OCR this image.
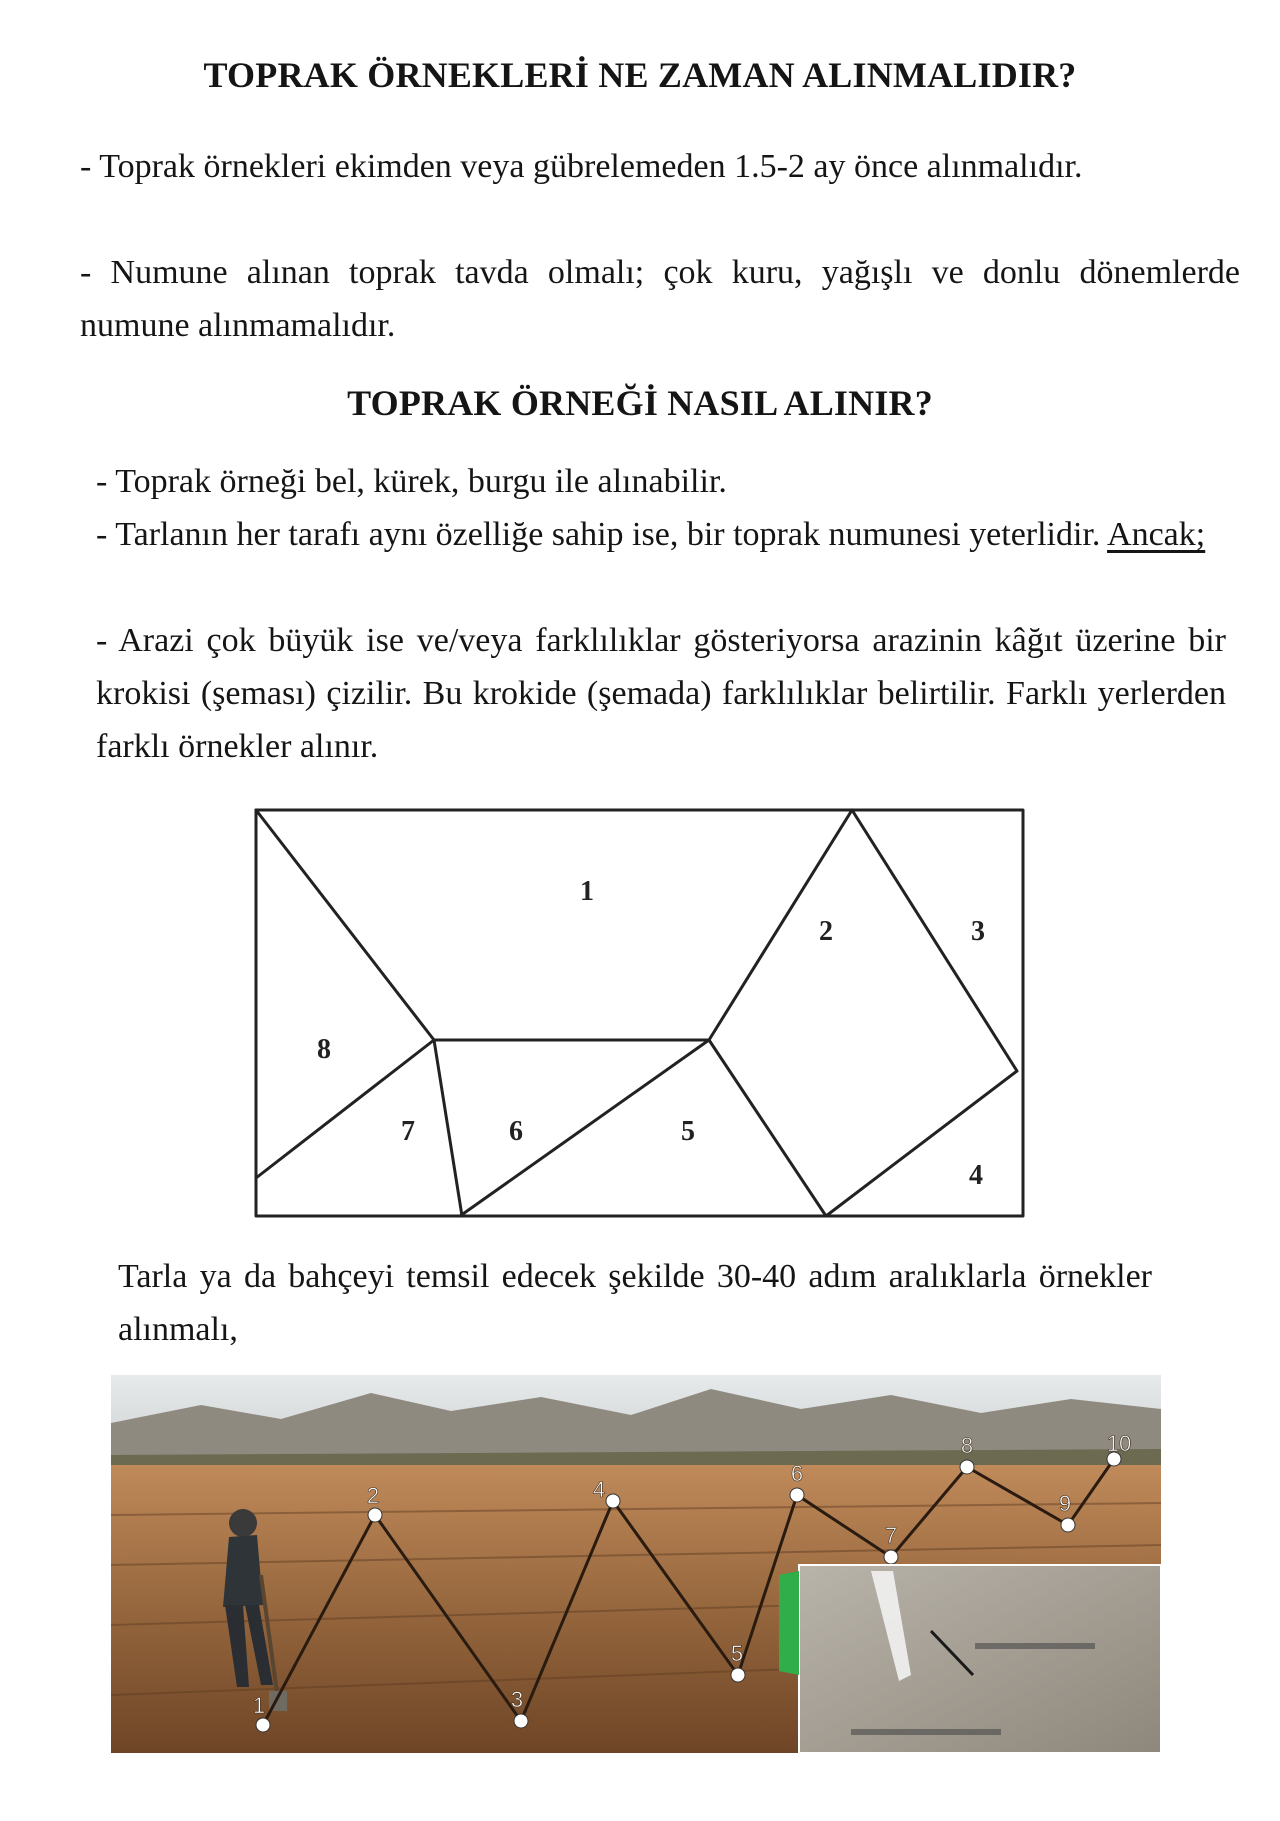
TOPRAK ÖRNEKLERİ NE ZAMAN ALINMALIDIR?

- Toprak örnekleri ekimden veya gübrelemeden 1.5-2 ay önce alınmalıdır.

- Numune alınan toprak tavda olmalı; çok kuru, yağışlı ve donlu dönemlerde numune alınmamalıdır.

TOPRAK ÖRNEĞİ NASIL ALINIR?

- Toprak örneği bel, kürek, burgu ile alınabilir.

- Tarlanın her tarafı aynı özelliğe sahip ise, bir toprak numunesi yeterlidir. Ancak;

- Arazi çok büyük ise ve/veya farklılıklar gösteriyorsa arazinin kâğıt üzerine bir krokisi (şeması) çizilir. Bu krokide (şemada) farklılıklar belirtilir. Farklı yerlerden farklı örnekler alınır.

1
2	3
4
5
6
7
8

Tarla ya da bahçeyi temsil edecek şekilde 30-40 adım aralıklarla örnekler alınmalı,

1
2
3
4
5
6
7
8
9
10
